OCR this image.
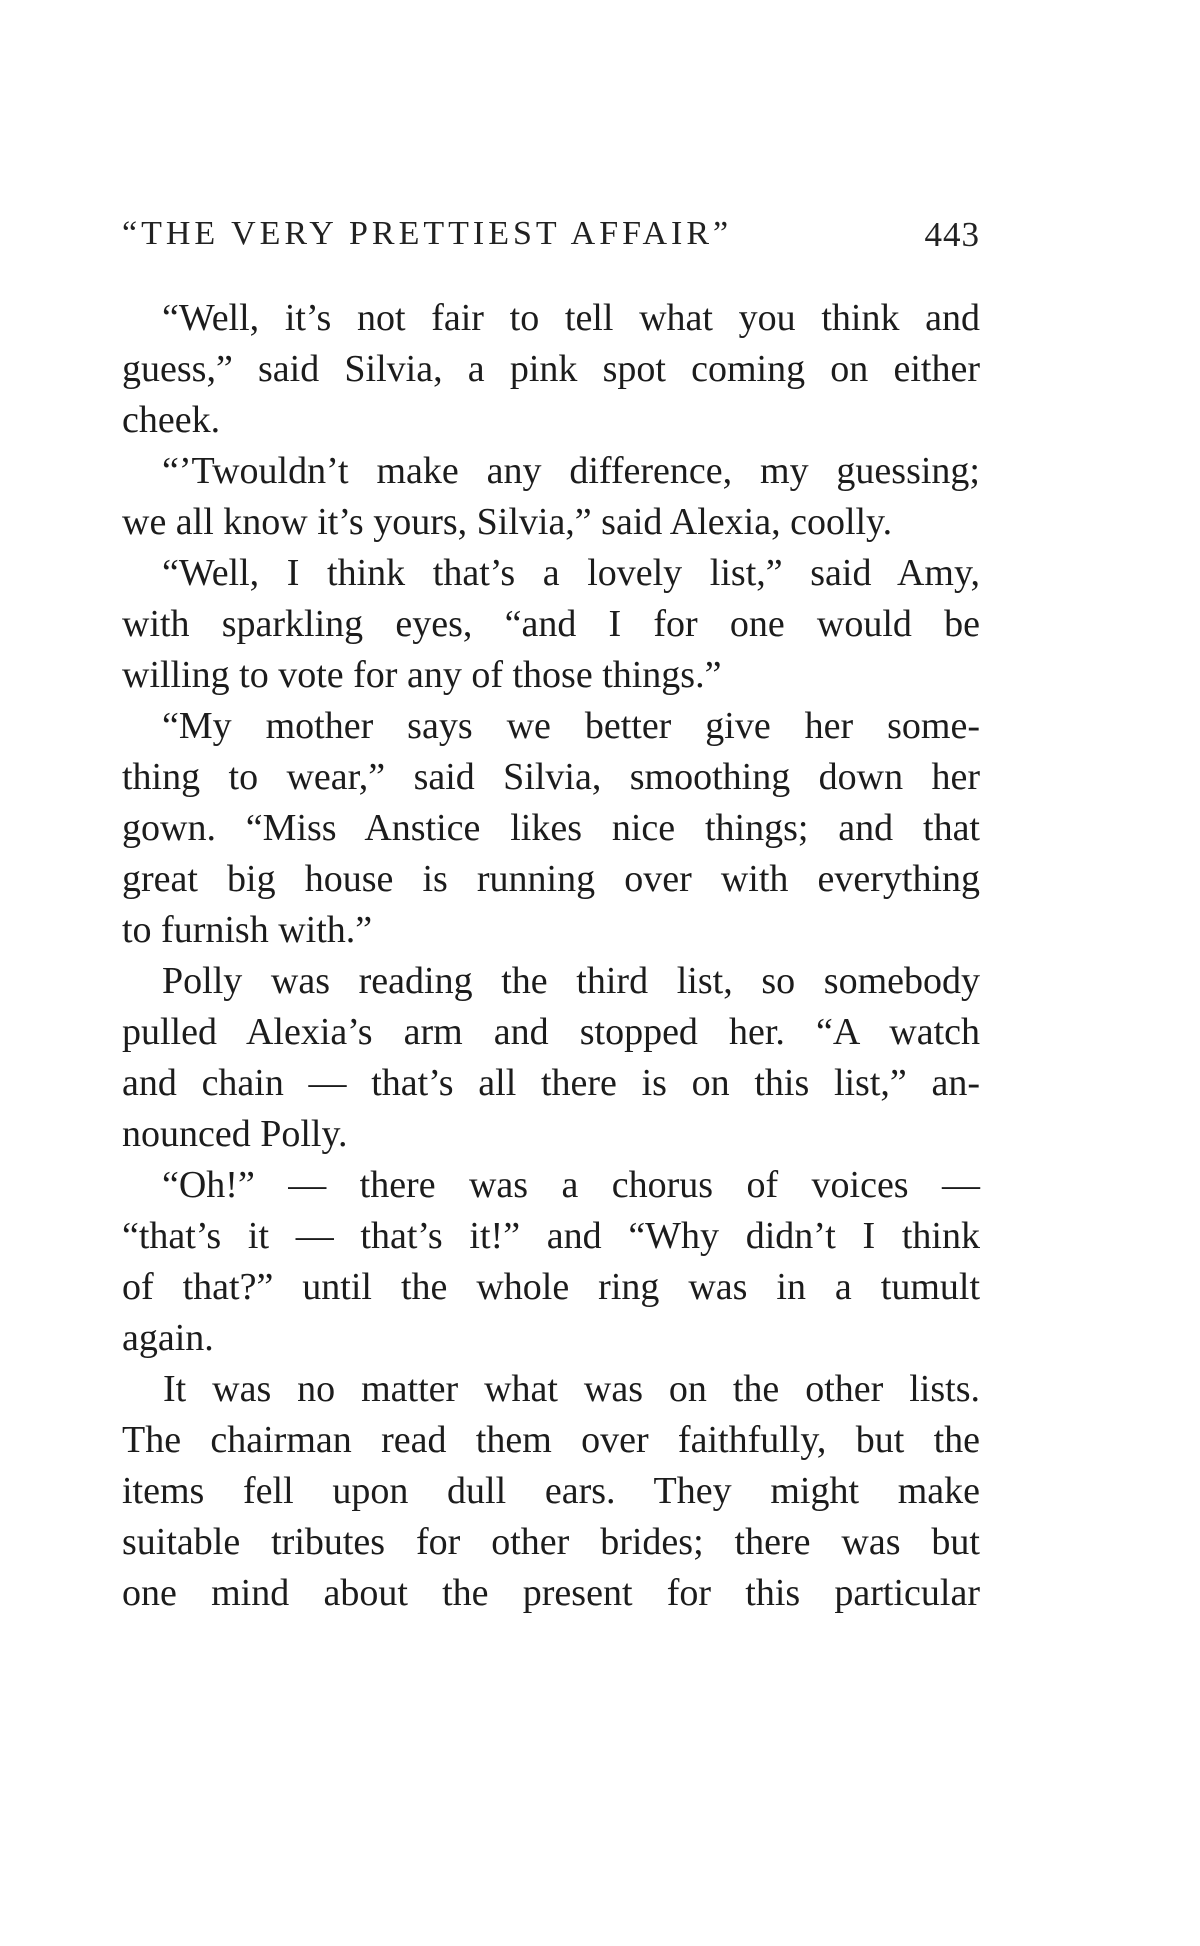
“THE VERY PRETTIEST AFFAIR”	443
“Well, it’s not fair to tell what you think and
guess,” said Silvia, a pink spot coming on either
cheek.
“’Twouldn’t make any difference, my guessing;
we all know it’s yours, Silvia,” said Alexia, coolly.
“Well, I think that’s a lovely list,” said Amy,
with sparkling eyes, “and I for one would be
willing to vote for any of those things.”
“My mother says we better give her some-
thing to wear,” said Silvia, smoothing down her
gown. “Miss Anstice likes nice things; and that
great big house is running over with everything
to furnish with.”
Polly was reading the third list, so somebody
pulled Alexia’s arm and stopped her. “A watch
and chain — that’s all there is on this list,” an-
nounced Polly.
“Oh!” — there was a chorus of voices —
“that’s it — that’s it!” and “Why didn’t I think
of that?” until the whole ring was in a tumult
again.
It was no matter what was on the other lists.
The chairman read them over faithfully, but the
items fell upon dull ears. They might make
suitable tributes for other brides; there was but
one mind about the present for this particular
